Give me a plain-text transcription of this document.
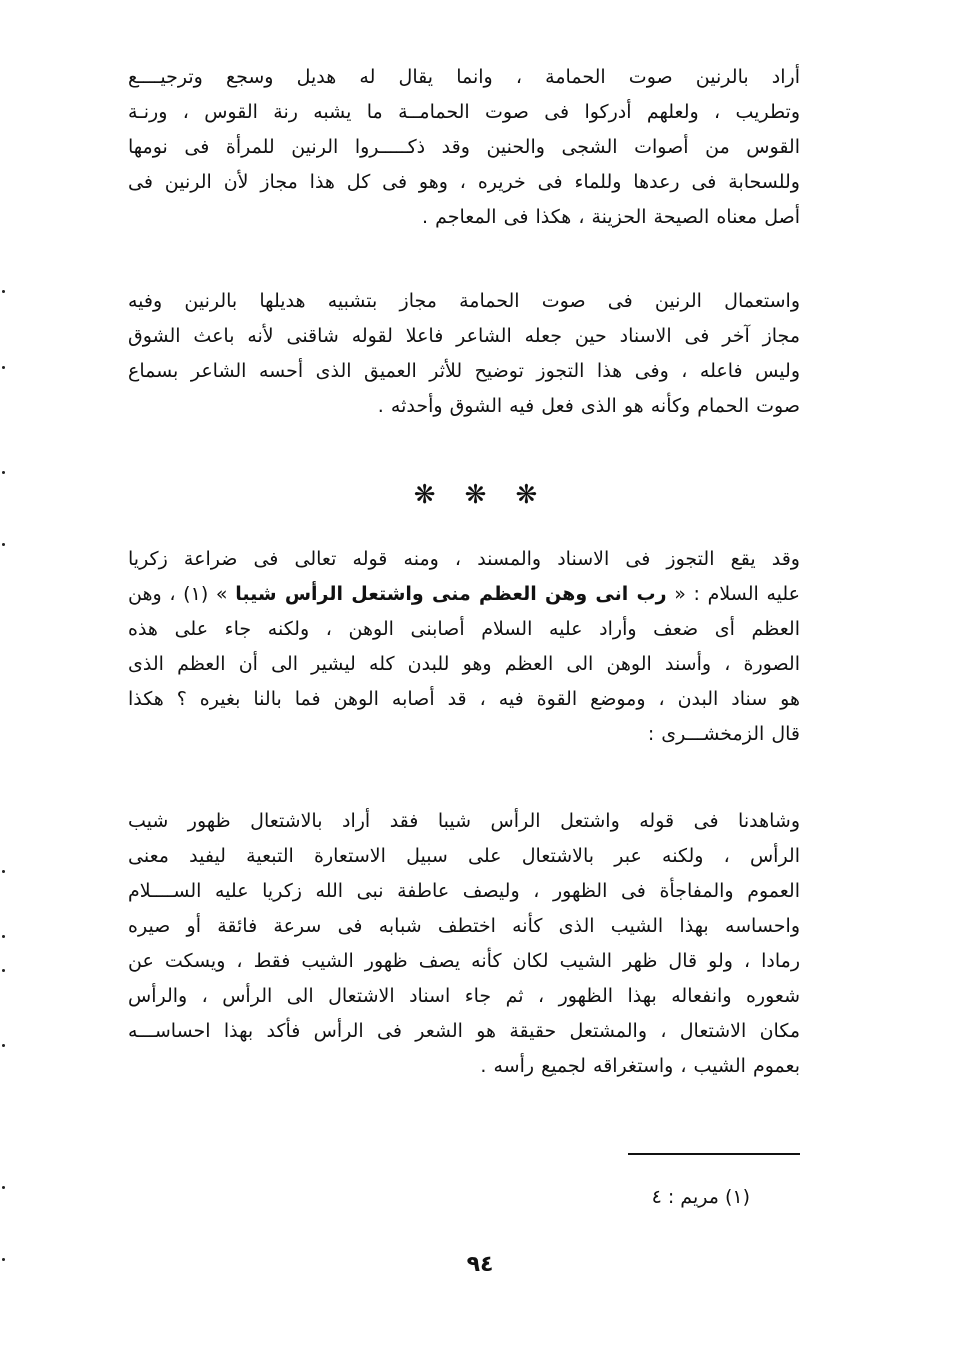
أراد بالرنين صوت الحمامة ، وانما يقال له هديل وسجع وترجيــــع
وتطريب ، ولعلهم أدركوا فى صوت الحمامــة ما يشبه رنة القوس ، ورنـة
القوس من أصوات الشجى والحنين وقد ذكـــــروا الرنين للمرأة فى نومها
وللسحابة فى رعدها وللماء فى خريره ، وهو فى كل هذا مجاز لأن الرنين فى
أصل معناه الصيحة الحزينة ، هكذا فى المعاجم .
واستعمال الرنين فى صوت الحمامة مجاز بتشبيه هديلها بالرنين وفيه
مجاز آخر فى الاسناد حين جعله الشاعر فاعلا لقوله شاقنى لأنه باعث الشوق
وليس فاعله ، وفى هذا التجوز توضيح للأثر العميق الذى أحسه الشاعر بسماع
صوت الحمام وكأنه هو الذى فعل فيه الشوق وأحدثه .
❋ ❋ ❋
وقد يقع التجوز فى الاسناد والمسند ، ومنه قوله تعالى فى ضراعة زكريا
عليه السلام : « رب انى وهن العظم منى واشتعل الرأس شيبا » (١) ، وهن
العظم أى ضعف وأراد عليه السلام أصابنى الوهن ، ولكنه جاء على هذه
الصورة ، وأسند الوهن الى العظم وهو للبدن كله ليشير الى أن العظم الذى
هو سناد البدن ، وموضع القوة فيه ، قد أصابه الوهن فما بالنا بغيره ؟ هكذا
قال الزمخشـــرى :
وشاهدنا فى قوله واشتعل الرأس شيبا فقد أراد بالاشتعال ظهور شيب
الرأس ، ولكنه عبر بالاشتعال على سبيل الاستعارة التبعية ليفيد معنى
العموم والمفاجأة فى الظهور ، وليصف عاطفة نبى الله زكريا عليه الســــلام
واحساسه بهذا الشيب الذى كأنه اختطف شبابه فى سرعة فائقة أو صيره
رمادا ، ولو قال ظهر الشيب لكان كأنه يصف ظهور الشيب فقط ، ويسكت عن
شعوره وانفعاله بهذا الظهور ، ثم جاء اسناد الاشتعال الى الرأس ، والرأس
مكان الاشتعال ، والمشتعل حقيقة هو الشعر فى الرأس فأكد بهذا احساســـه
بعموم الشيب ، واستغراقه لجميع رأسه .
(١) مريم : ٤
٩٤
